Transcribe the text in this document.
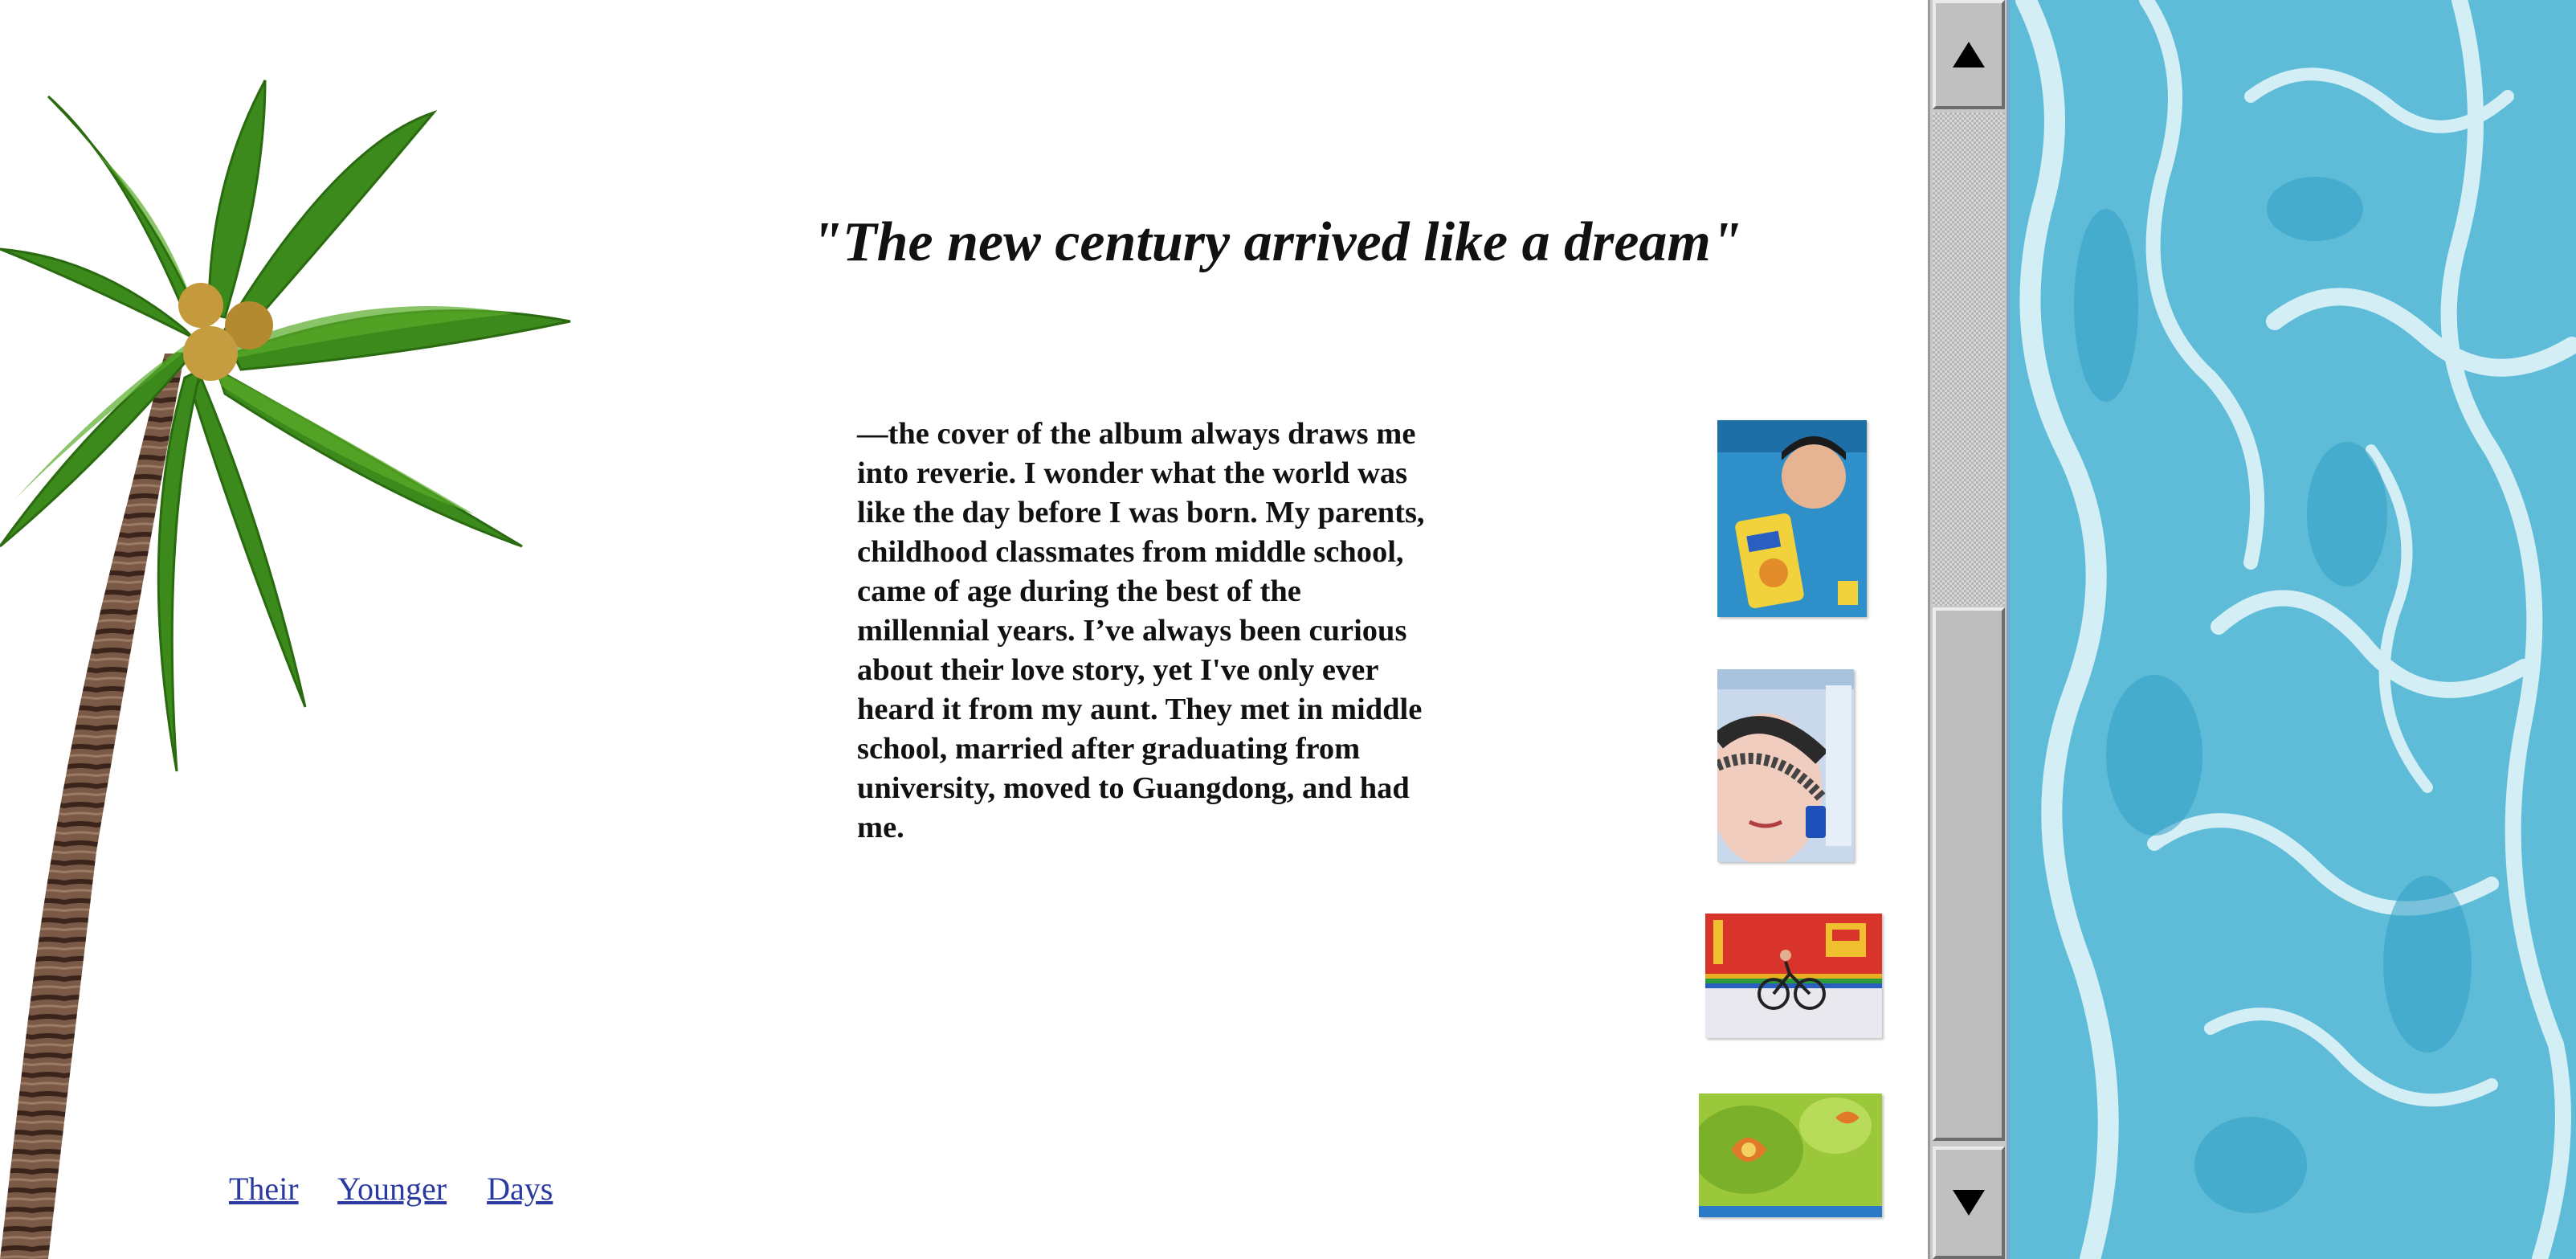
"The new century arrived like a dream"

—the cover of the album always draws me into reverie. I wonder what the world was like the day before I was born. My parents, childhood classmates from middle school, came of age during the best of the millennial years. I’ve always been curious about their love story, yet I've only ever heard it from my aunt. They met in middle school, married after graduating from university, moved to Guangdong, and had me.

Their Younger Days
